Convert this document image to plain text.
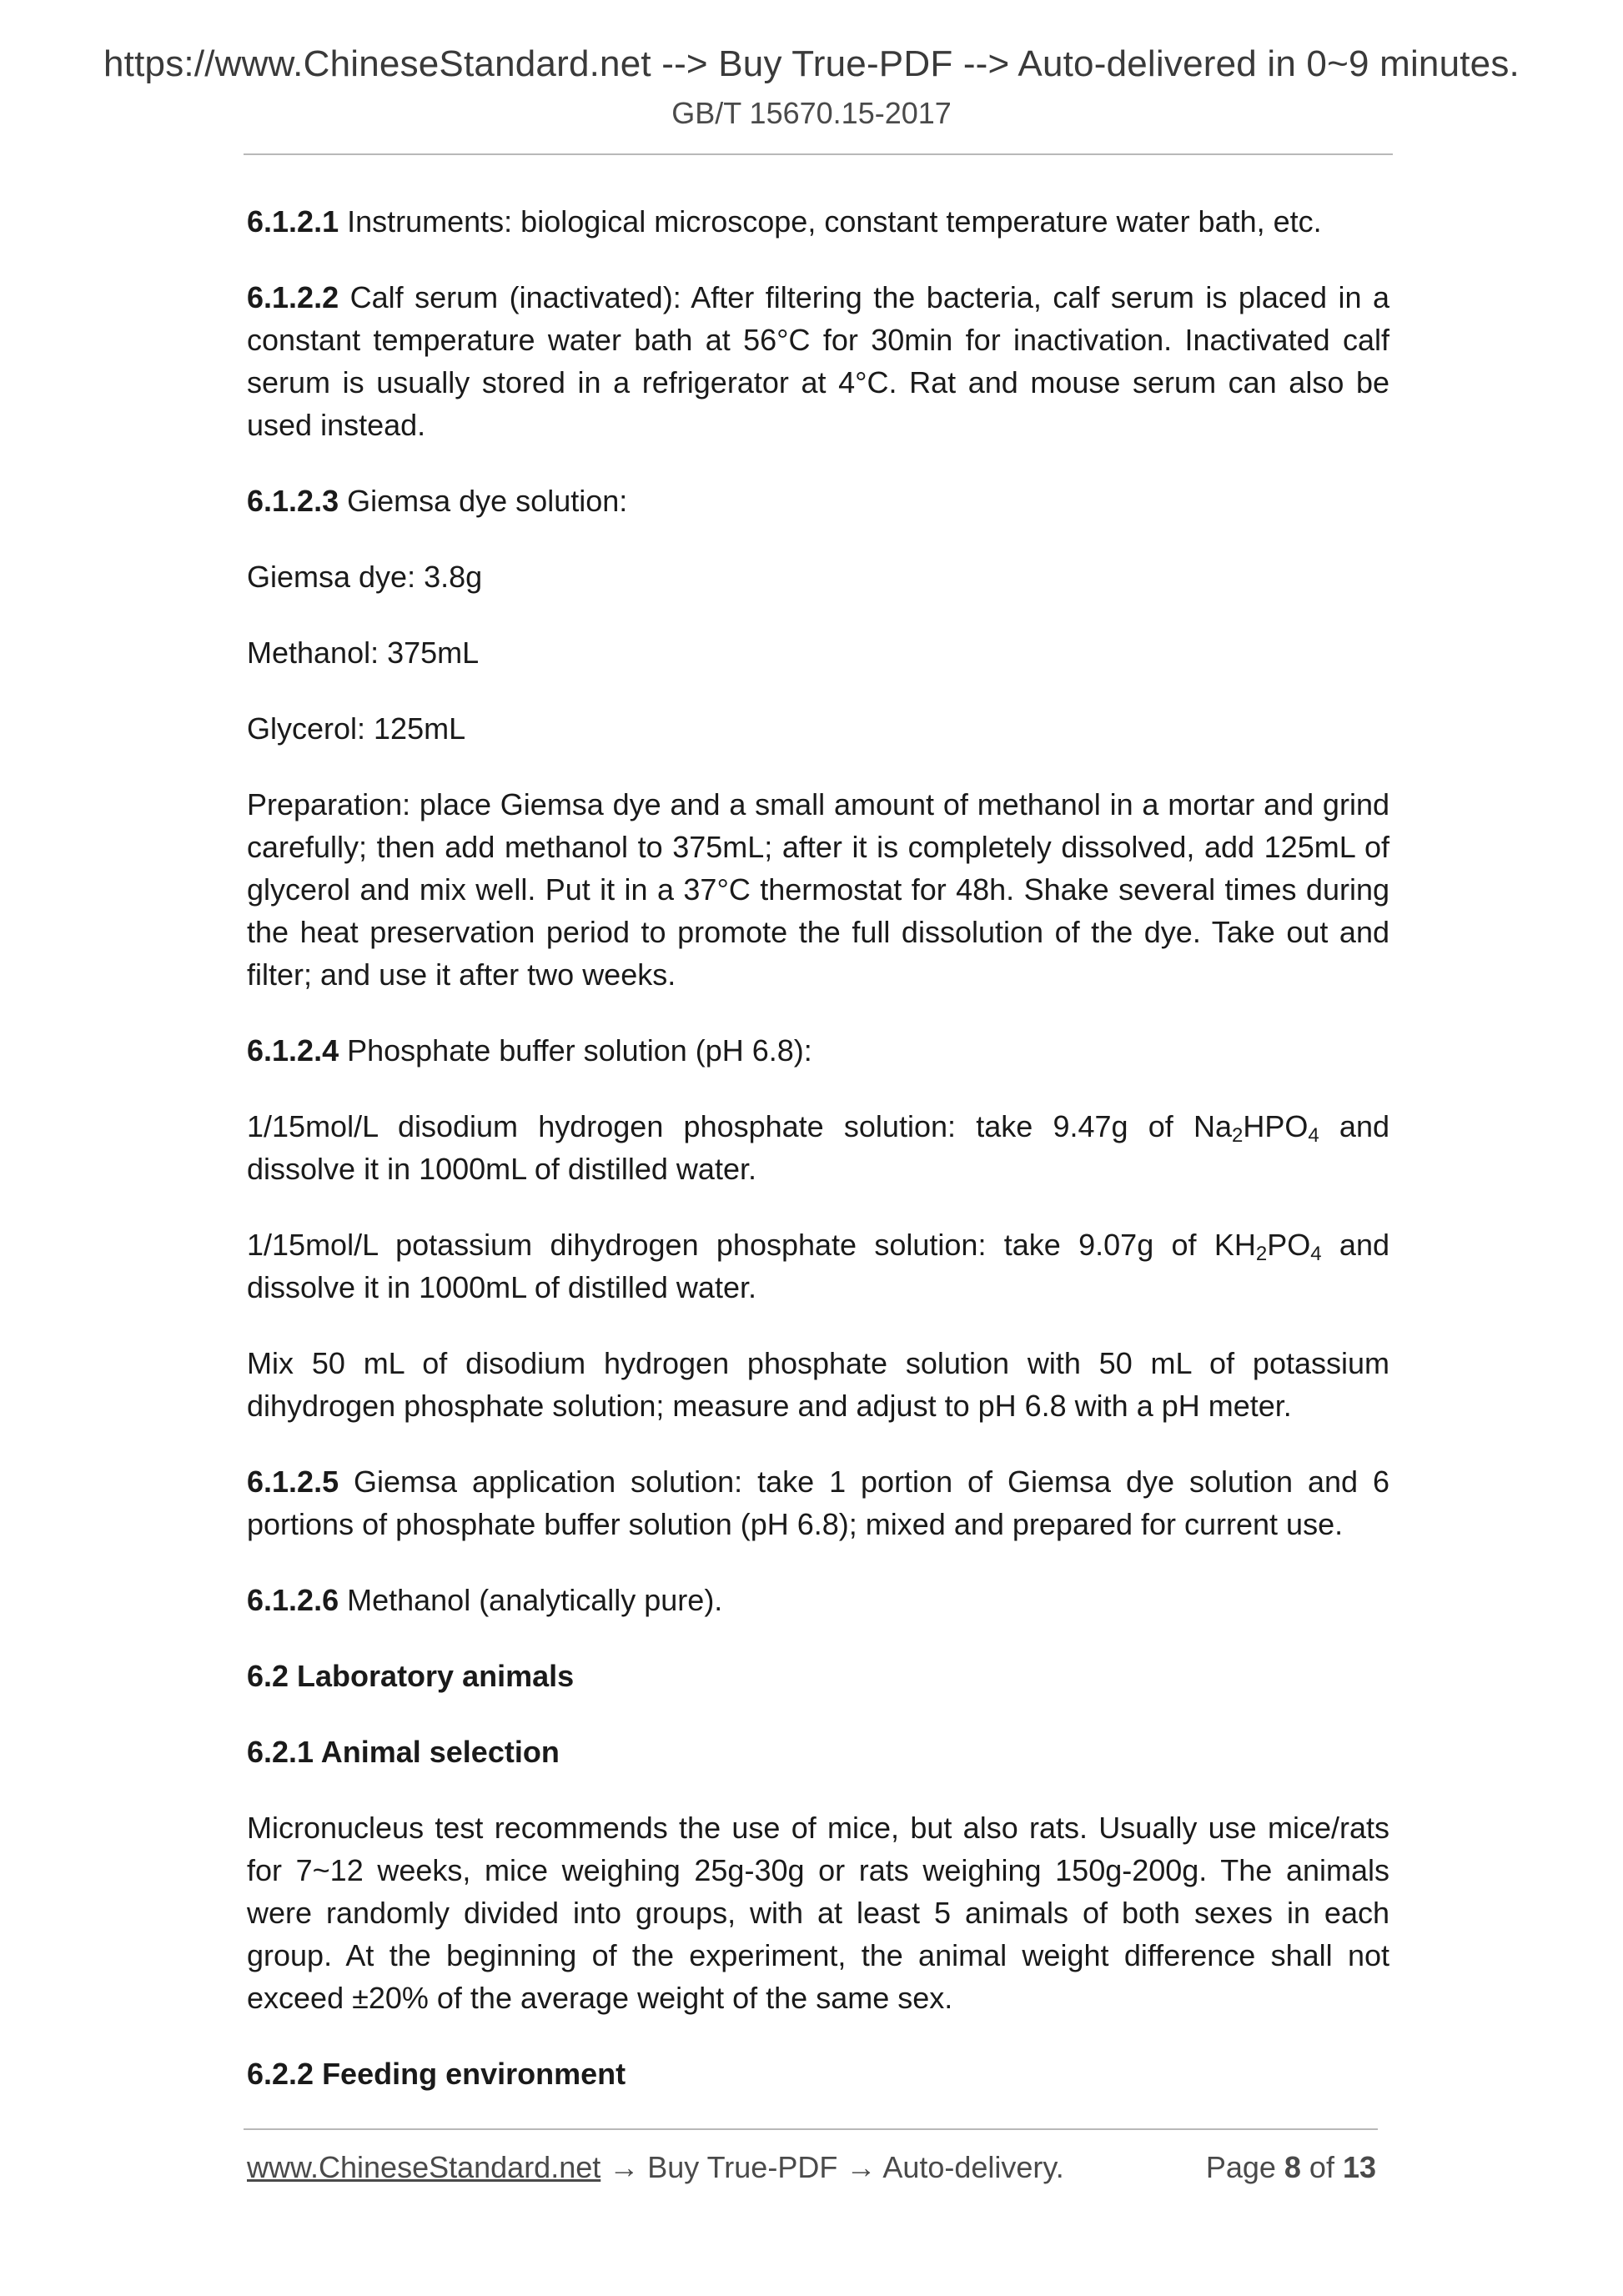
https://www.ChineseStandard.net --> Buy True-PDF --> Auto-delivered in 0~9 minutes.
GB/T 15670.15-2017

6.1.2.1 Instruments: biological microscope, constant temperature water bath, etc.

6.1.2.2 Calf serum (inactivated): After filtering the bacteria, calf serum is placed in a constant temperature water bath at 56°C for 30min for inactivation. Inactivated calf serum is usually stored in a refrigerator at 4°C. Rat and mouse serum can also be used instead.

6.1.2.3 Giemsa dye solution:

Giemsa dye: 3.8g

Methanol: 375mL

Glycerol: 125mL

Preparation: place Giemsa dye and a small amount of methanol in a mortar and grind carefully; then add methanol to 375mL; after it is completely dissolved, add 125mL of glycerol and mix well. Put it in a 37°C thermostat for 48h. Shake several times during the heat preservation period to promote the full dissolution of the dye. Take out and filter; and use it after two weeks.

6.1.2.4 Phosphate buffer solution (pH 6.8):

1/15mol/L disodium hydrogen phosphate solution: take 9.47g of $Na_2HPO_4$ and dissolve it in 1000mL of distilled water.

1/15mol/L potassium dihydrogen phosphate solution: take 9.07g of $KH_2PO_4$ and dissolve it in 1000mL of distilled water.

Mix 50 mL of disodium hydrogen phosphate solution with 50 mL of potassium dihydrogen phosphate solution; measure and adjust to pH 6.8 with a pH meter.

6.1.2.5 Giemsa application solution: take 1 portion of Giemsa dye solution and 6 portions of phosphate buffer solution (pH 6.8); mixed and prepared for current use.

6.1.2.6 Methanol (analytically pure).

6.2 Laboratory animals

6.2.1 Animal selection

Micronucleus test recommends the use of mice, but also rats. Usually use mice/rats for 7~12 weeks, mice weighing 25g-30g or rats weighing 150g-200g. The animals were randomly divided into groups, with at least 5 animals of both sexes in each group. At the beginning of the experiment, the animal weight difference shall not exceed ±20% of the average weight of the same sex.

6.2.2 Feeding environment

www.ChineseStandard.net → Buy True-PDF → Auto-delivery.	Page 8 of 13
